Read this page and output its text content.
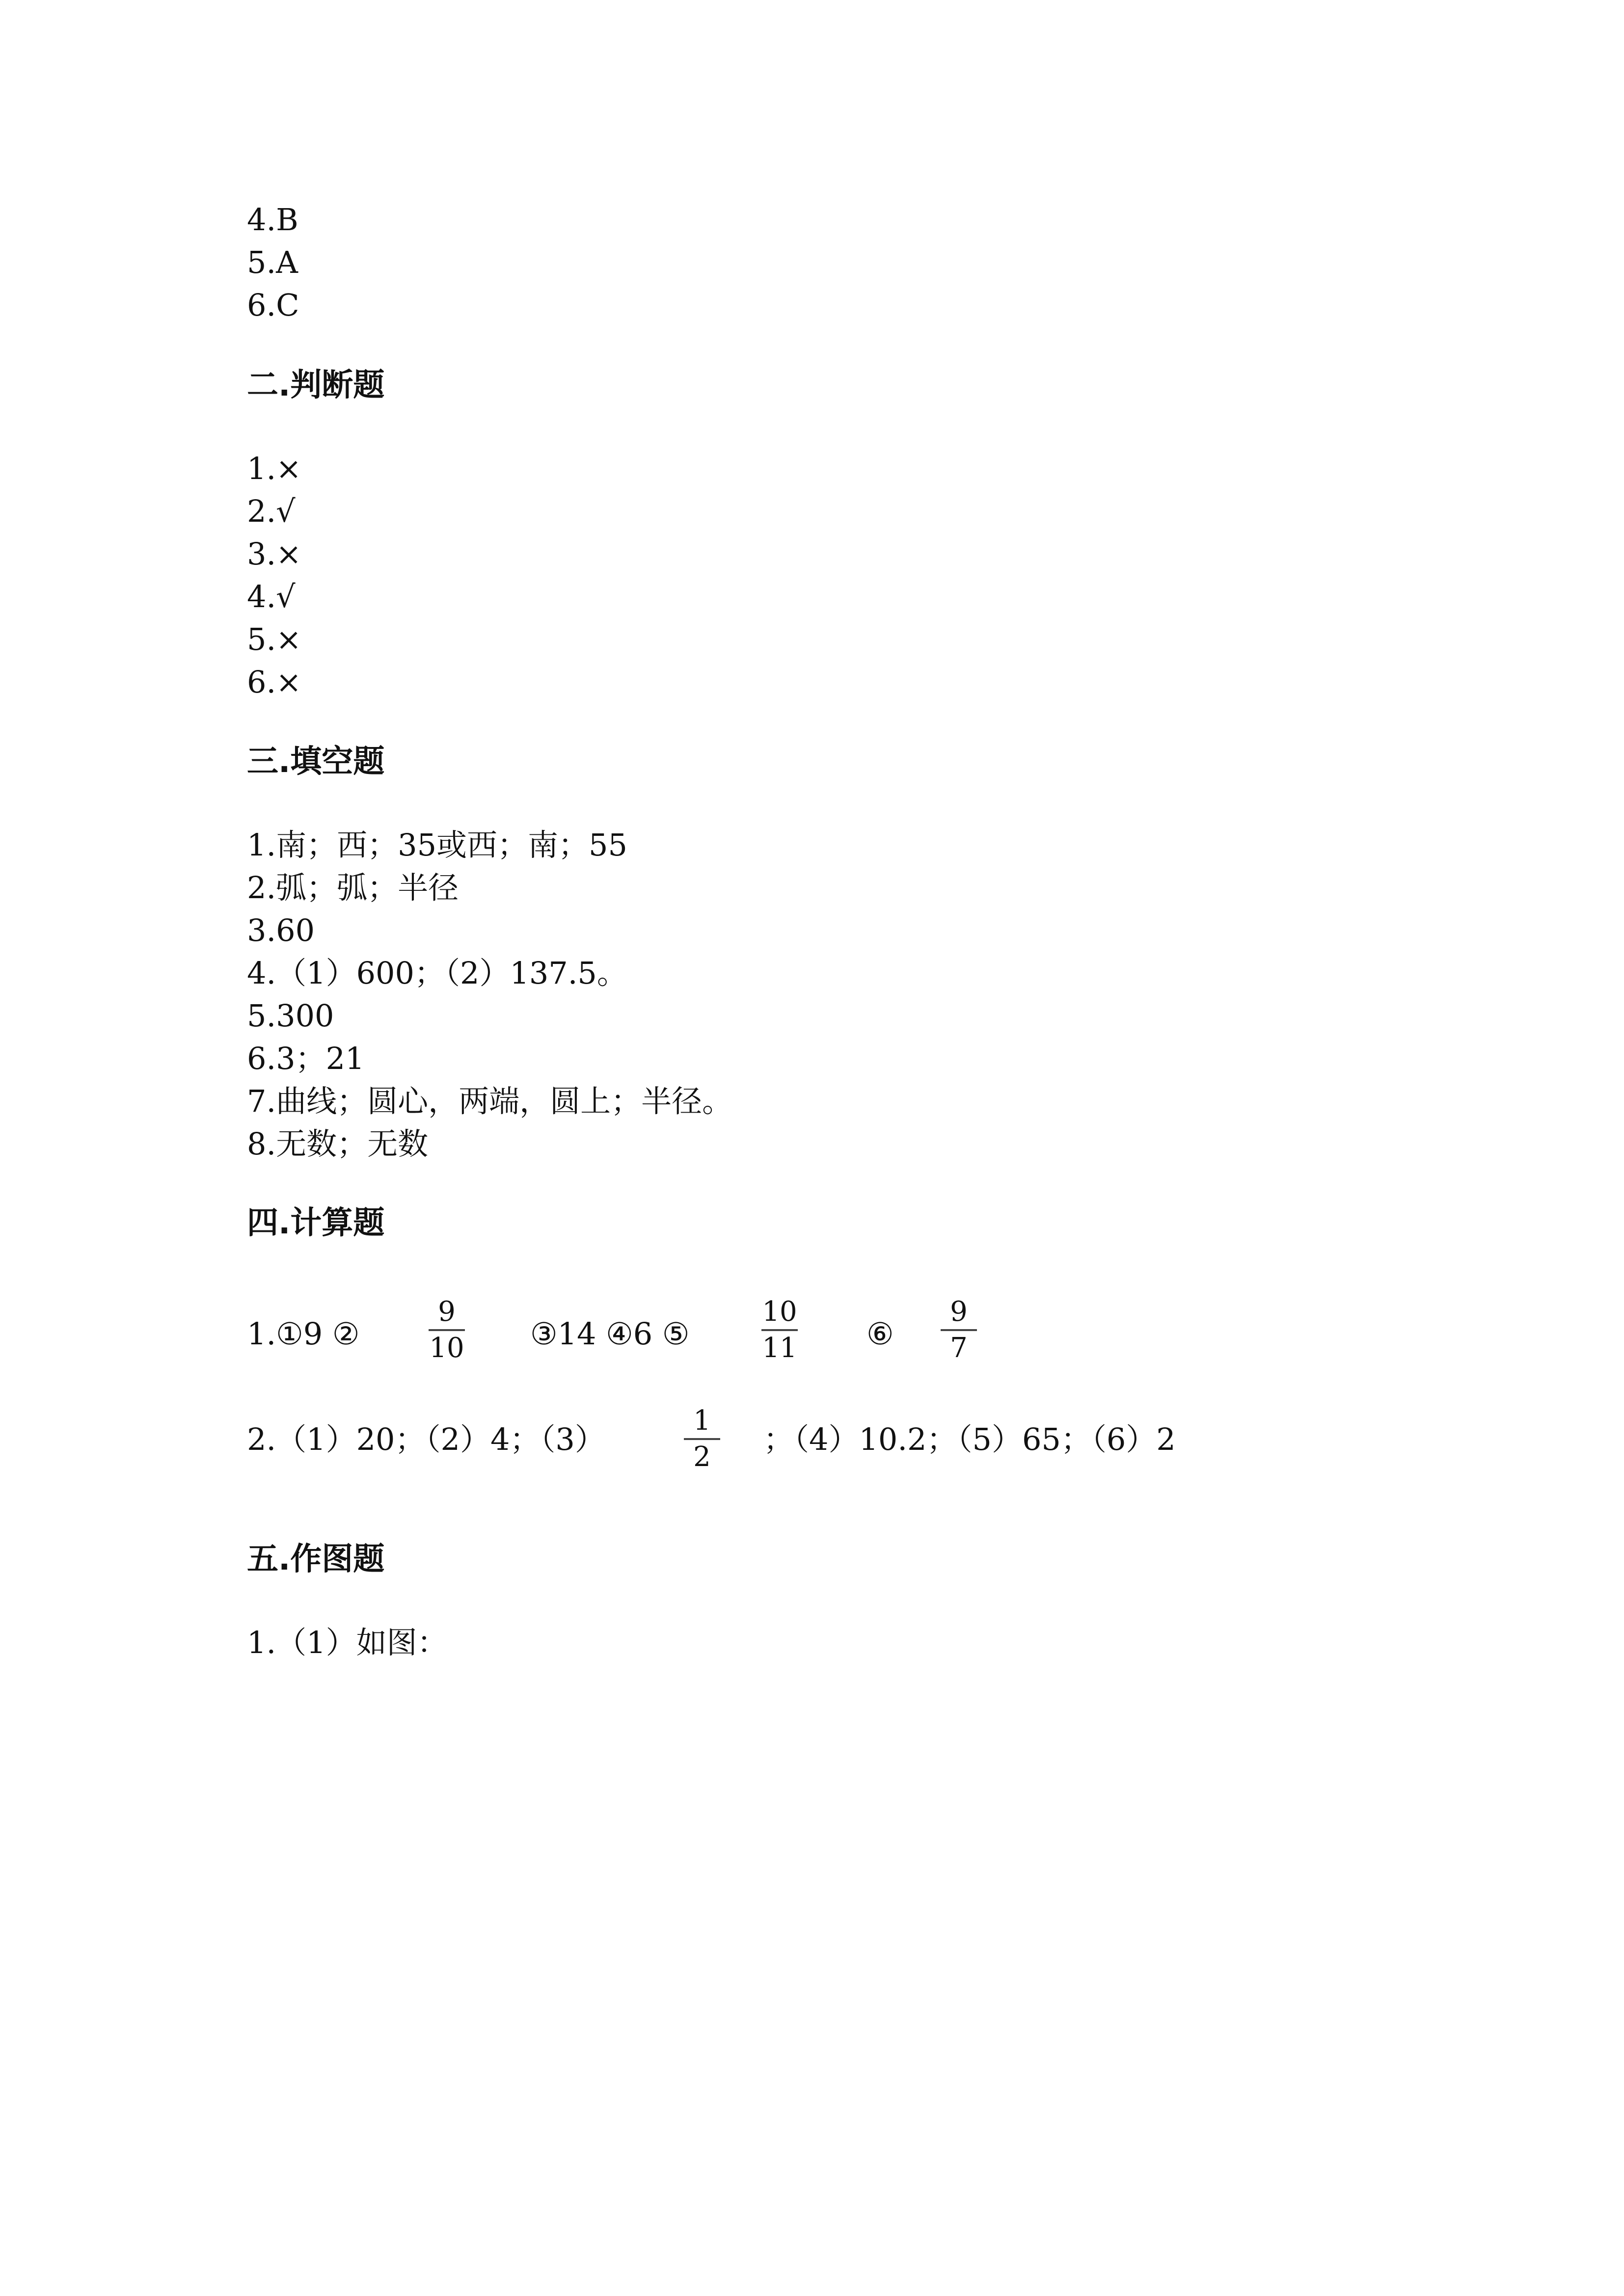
4.B
5.A
6.C
二.判断题
1.×
2.√
3.×
4.√
5.×
6.×
三.填空题
1.南；西；35或西；南；55
2.弧；弧；半径
3.60
4.（1）600；（2）137.5。
5.300
6.3；21
7.曲线；圆心，两端，圆上；半径。
8.无数；无数
四.计算题
1.①9 ②
9
10	③14 ④6 ⑤
10
11	⑥
9
7
2.（1）20；（2）4；（3）
1
2	；（4）10.2；（5）65；（6）2
五.作图题
1.（1）如图：
